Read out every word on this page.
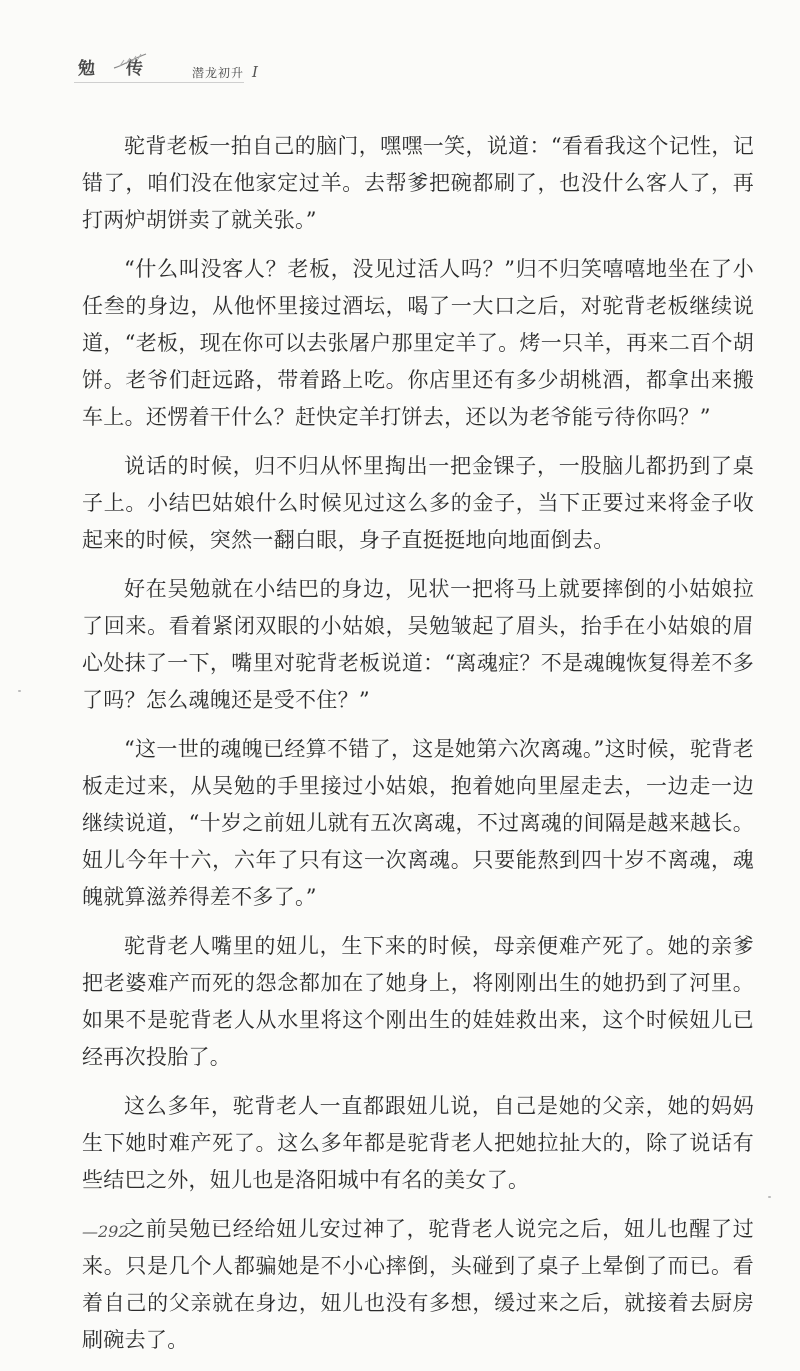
勉 传	潜龙初升 I

驼背老板一拍自己的脑门，嘿嘿一笑，说道：“看看我这个记性，记错了，咱们没在他家定过羊。去帮爹把碗都刷了，也没什么客人了，再打两炉胡饼卖了就关张。”

“什么叫没客人？老板，没见过活人吗？”归不归笑嘻嘻地坐在了小任叁的身边，从他怀里接过酒坛，喝了一大口之后，对驼背老板继续说道，“老板，现在你可以去张屠户那里定羊了。烤一只羊，再来二百个胡饼。老爷们赶远路，带着路上吃。你店里还有多少胡桃酒，都拿出来搬车上。还愣着干什么？赶快定羊打饼去，还以为老爷能亏待你吗？”

说话的时候，归不归从怀里掏出一把金锞子，一股脑儿都扔到了桌子上。小结巴姑娘什么时候见过这么多的金子，当下正要过来将金子收起来的时候，突然一翻白眼，身子直挺挺地向地面倒去。

好在吴勉就在小结巴的身边，见状一把将马上就要摔倒的小姑娘拉了回来。看着紧闭双眼的小姑娘，吴勉皱起了眉头，抬手在小姑娘的眉心处抹了一下，嘴里对驼背老板说道：“离魂症？不是魂魄恢复得差不多了吗？怎么魂魄还是受不住？”

“这一世的魂魄已经算不错了，这是她第六次离魂。”这时候，驼背老板走过来，从吴勉的手里接过小姑娘，抱着她向里屋走去，一边走一边继续说道，“十岁之前妞儿就有五次离魂，不过离魂的间隔是越来越长。妞儿今年十六，六年了只有这一次离魂。只要能熬到四十岁不离魂，魂魄就算滋养得差不多了。”

驼背老人嘴里的妞儿，生下来的时候，母亲便难产死了。她的亲爹把老婆难产而死的怨念都加在了她身上，将刚刚出生的她扔到了河里。如果不是驼背老人从水里将这个刚出生的娃娃救出来，这个时候妞儿已经再次投胎了。

这么多年，驼背老人一直都跟妞儿说，自己是她的父亲，她的妈妈生下她时难产死了。这么多年都是驼背老人把她拉扯大的，除了说话有些结巴之外，妞儿也是洛阳城中有名的美女了。

之前吴勉已经给妞儿安过神了，驼背老人说完之后，妞儿也醒了过来。只是几个人都骗她是不小心摔倒，头碰到了桌子上晕倒了而已。看着自己的父亲就在身边，妞儿也没有多想，缓过来之后，就接着去厨房刷碗去了。

—292
